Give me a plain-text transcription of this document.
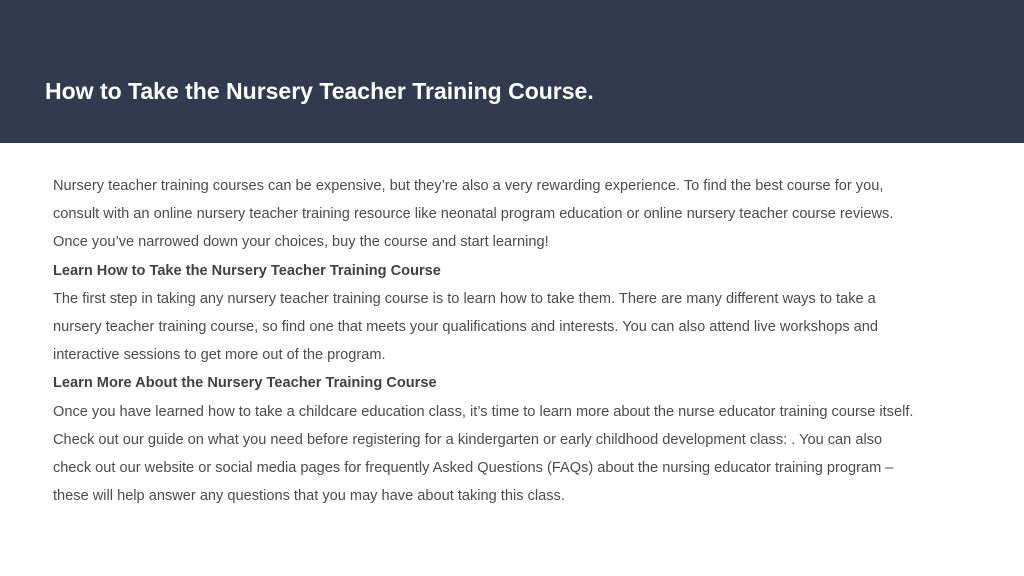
How to Take the Nursery Teacher Training Course.
Nursery teacher training courses can be expensive, but they’re also a very rewarding experience. To find the best course for you,
consult with an online nursery teacher training resource like neonatal program education or online nursery teacher course reviews.
Once you’ve narrowed down your choices, buy the course and start learning!
Learn How to Take the Nursery Teacher Training Course
The first step in taking any nursery teacher training course is to learn how to take them. There are many different ways to take a
nursery teacher training course, so find one that meets your qualifications and interests. You can also attend live workshops and
interactive sessions to get more out of the program.
Learn More About the Nursery Teacher Training Course
Once you have learned how to take a childcare education class, it’s time to learn more about the nurse educator training course itself.
Check out our guide on what you need before registering for a kindergarten or early childhood development class: . You can also
check out our website or social media pages for frequently Asked Questions (FAQs) about the nursing educator training program –
these will help answer any questions that you may have about taking this class.
